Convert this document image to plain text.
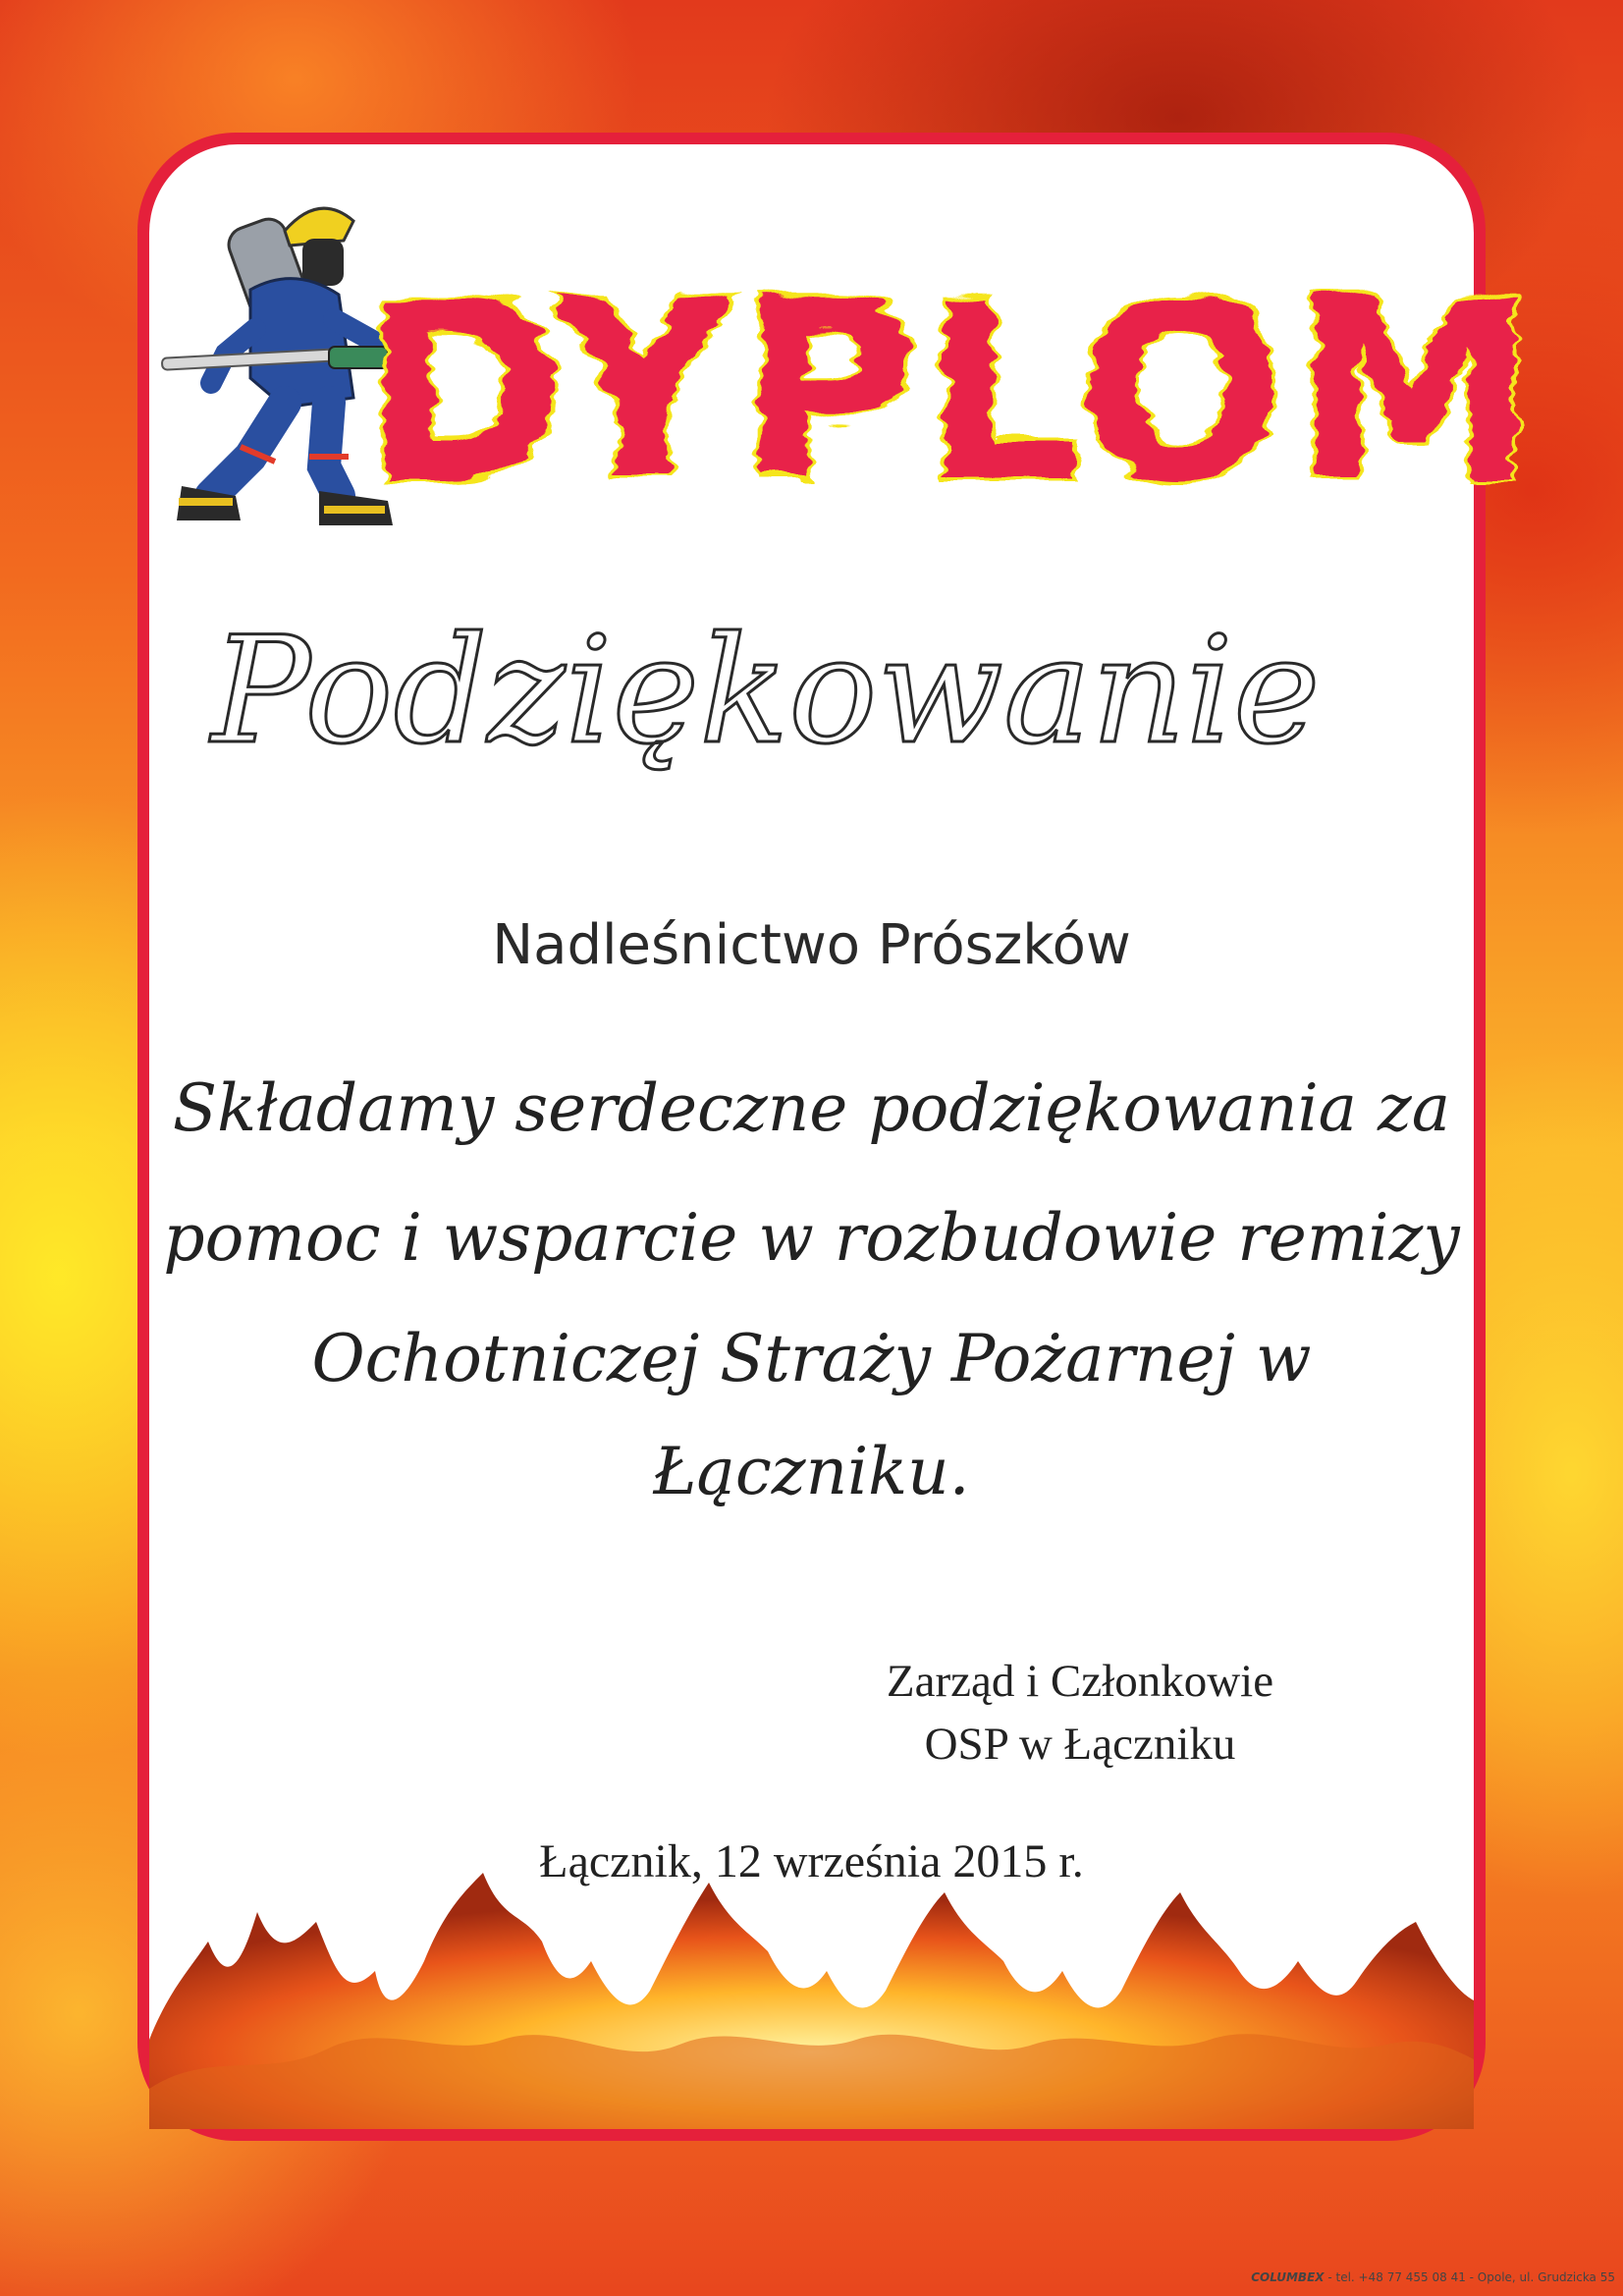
DYPLOM
Podziękowanie

Nadleśnictwo Prószków

Składamy serdeczne podziękowania za

pomoc i wsparcie w rozbudowie remizy

Ochotniczej Straży Pożarnej w

Łączniku.

Zarząd i Członkowie
OSP w Łączniku
Łącznik, 12 września 2015 r.
COLUMBEX - tel. +48 77 455 08 41 - Opole, ul. Grudzicka 55
